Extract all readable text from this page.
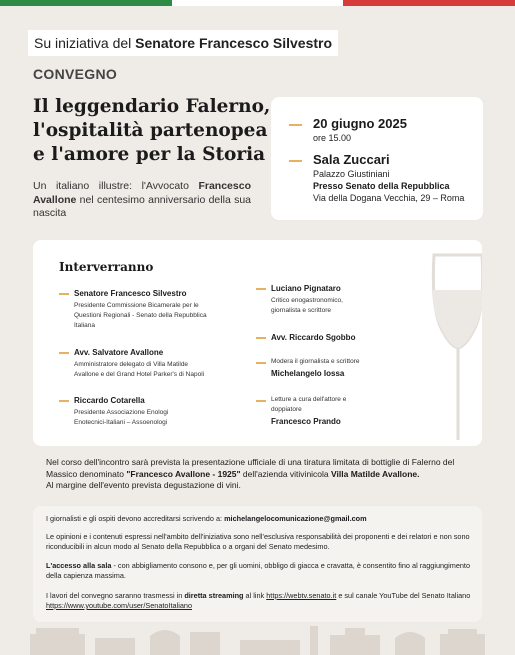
Su iniziativa del Senatore Francesco Silvestro
CONVEGNO
Il leggendario Falerno, l'ospitalità partenopea e l'amore per la Storia
Un italiano illustre: l'Avvocato Francesco Avallone nel centesimo anniversario della sua nascita
20 giugno 2025
ore 15.00
Sala Zuccari
Palazzo Giustiniani
Presso Senato della Repubblica
Via della Dogana Vecchia, 29 – Roma
Interverranno
Senatore Francesco Silvestro
Presidente Commissione Bicamerale per le
Questioni Regionali - Senato della Repubblica
Italiana
Avv. Salvatore Avallone
Amministratore delegato di Villa Matilde
Avallone e del Grand Hotel Parker's di Napoli
Riccardo Cotarella
Presidente Associazione Enologi
Enotecnici-Italiani – Assoenologi
Luciano Pignataro
Critico enogastronomico,
giornalista e scrittore
Avv. Riccardo Sgobbo
Modera il giornalista e scrittore
Michelangelo Iossa
Letture a cura dell'attore e
doppiatore
Francesco Prando
Nel corso dell'incontro sarà prevista la presentazione ufficiale di una tiratura limitata di bottiglie di Falerno del Massico denominato "Francesco Avallone - 1925" dell'azienda vitivinicola Villa Matilde Avallone.
Al margine dell'evento prevista degustazione di vini.

I giornalisti e gli ospiti devono accreditarsi scrivendo a: michelangelocomunicazione@gmail.com

Le opinioni e i contenuti espressi nell'ambito dell'iniziativa sono nell'esclusiva responsabilità dei proponenti e dei relatori e non sono riconducibili in alcun modo al Senato della Repubblica o a organi del Senato medesimo.

L'accesso alla sala - con abbigliamento consono e, per gli uomini, obbligo di giacca e cravatta, è consentito fino al raggiungimento della capienza massima.

I lavori del convegno saranno trasmessi in diretta streaming al link https://webtv.senato.it e sul canale YouTube del Senato Italiano https://www.youtube.com/user/SenatoItaliano
